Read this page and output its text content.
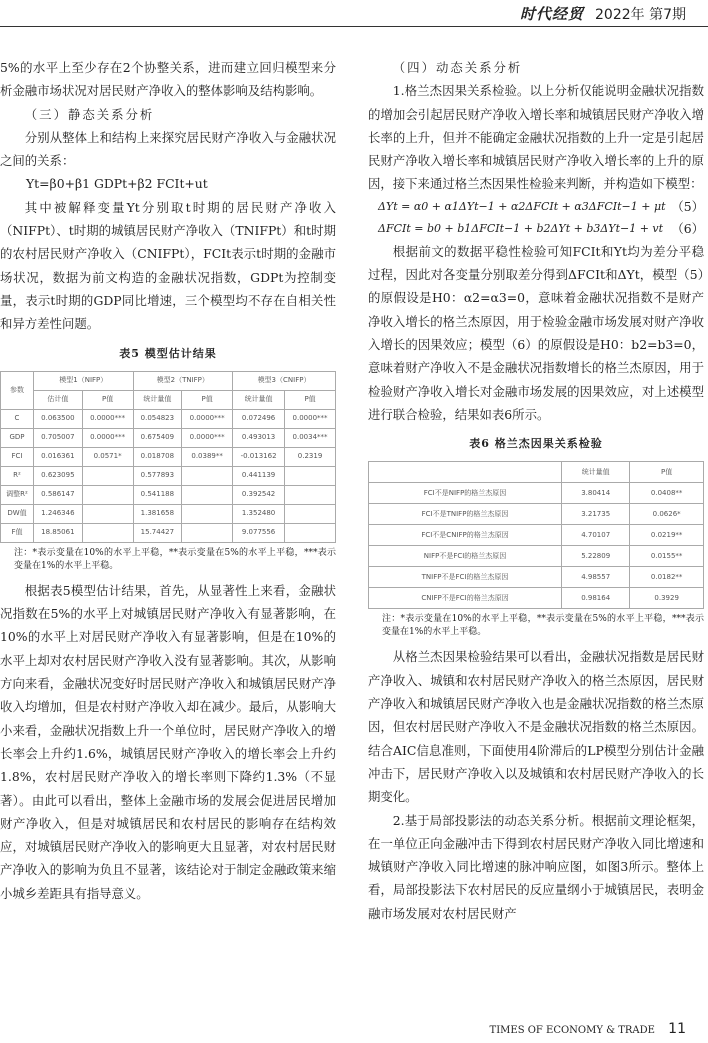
时代经贸 2022年 第7期

5%的水平上至少存在2个协整关系，进而建立回归模型来分析金融市场状况对居民财产净收入的整体影响及结构影响。

（三）静态关系分析

分别从整体上和结构上来探究居民财产净收入与金融状况之间的关系：

Yt=β0+β1 GDPt+β2 FCIt+ut

其中被解释变量Yt分别取t时期的居民财产净收入（NIFPt）、t时期的城镇居民财产净收入（TNIFPt）和t时期的农村居民财产净收入（CNIFPt），FCIt表示t时期的金融市场状况，数据为前文构造的金融状况指数，GDPt为控制变量，表示t时期的GDP同比增速，三个模型均不存在自相关性和异方差性问题。

表5 模型估计结果
参数	模型1（NIFP）		模型2（TNIFP）		模型3（CNIFP）	
	估计值	P值	统计量值	P值	统计量值	P值
C	0.063500	0.0000***	0.054823	0.0000***	0.072496	0.0000***
GDP	0.705007	0.0000***	0.675409	0.0000***	0.493013	0.0034***
FCI	0.016361	0.0571*	0.018708	0.0389**	-0.013162	0.2319
R²	0.623095		0.577893		0.441139	
调整R²	0.586147		0.541188		0.392542	
DW值	1.246346		1.381658		1.352480	
F值	18.85061		15.74427		9.077556	
注：*表示变量在10%的水平上平稳，**表示变量在5%的水平上平稳，***表示变量在1%的水平上平稳。

根据表5模型估计结果，首先，从显著性上来看，金融状况指数在5%的水平上对城镇居民财产净收入有显著影响，在10%的水平上对居民财产净收入有显著影响，但是在10%的水平上却对农村居民财产净收入没有显著影响。其次，从影响方向来看，金融状况变好时居民财产净收入和城镇居民财产净收入均增加，但是农村财产净收入却在减少。最后，从影响大小来看，金融状况指数上升一个单位时，居民财产净收入的增长率会上升约1.6%，城镇居民财产净收入的增长率会上升约1.8%，农村居民财产净收入的增长率则下降约1.3%（不显著）。由此可以看出，整体上金融市场的发展会促进居民增加财产净收入，但是对城镇居民和农村居民的影响存在结构效应，对城镇居民财产净收入的影响更大且显著，对农村居民财产净收入的影响为负且不显著，该结论对于制定金融政策来缩小城乡差距具有指导意义。

（四）动态关系分析

1.格兰杰因果关系检验。以上分析仅能说明金融状况指数的增加会引起居民财产净收入增长率和城镇居民财产净收入增长率的上升，但并不能确定金融状况指数的上升一定是引起居民财产净收入增长率和城镇居民财产净收入增长率的上升的原因，接下来通过格兰杰因果性检验来判断，并构造如下模型：

ΔYt = α0 + α1ΔYt−1 + α2ΔFCIt + α3ΔFCIt−1 + μt （5）
ΔFCIt = b0 + b1ΔFCIt−1 + b2ΔYt + b3ΔYt−1 + vt （6）

根据前文的数据平稳性检验可知FCIt和Yt均为差分平稳过程，因此对各变量分别取差分得到ΔFCIt和ΔYt，模型（5）的原假设是H0：α2=α3=0，意味着金融状况指数不是财产净收入增长的格兰杰原因，用于检验金融市场发展对财产净收入增长的因果效应；模型（6）的原假设是H0：b2=b3=0，意味着财产净收入不是金融状况指数增长的格兰杰原因，用于检验财产净收入增长对金融市场发展的因果效应，对上述模型进行联合检验，结果如表6所示。

表6 格兰杰因果关系检验
	统计量值	P值
FCI不是NIFP的格兰杰原因	3.80414	0.0408**
FCI不是TNIFP的格兰杰原因	3.21735	0.0626*
FCI不是CNIFP的格兰杰原因	4.70107	0.0219**
NIFP不是FCI的格兰杰原因	5.22809	0.0155**
TNIFP不是FCI的格兰杰原因	4.98557	0.0182**
CNIFP不是FCI的格兰杰原因	0.98164	0.3929
注：*表示变量在10%的水平上平稳，**表示变量在5%的水平上平稳，***表示变量在1%的水平上平稳。

从格兰杰因果检验结果可以看出，金融状况指数是居民财产净收入、城镇和农村居民财产净收入的格兰杰原因，居民财产净收入和城镇居民财产净收入也是金融状况指数的格兰杰原因，但农村居民财产净收入不是金融状况指数的格兰杰原因。结合AIC信息准则，下面使用4阶滞后的LP模型分别估计金融冲击下，居民财产净收入以及城镇和农村居民财产净收入的长期变化。

2.基于局部投影法的动态关系分析。根据前文理论框架，在一单位正向金融冲击下得到农村居民财产净收入同比增速和城镇财产净收入同比增速的脉冲响应图，如图3所示。整体上看，局部投影法下农村居民的反应量纲小于城镇居民，表明金融市场发展对农村居民财产

TIMES OF ECONOMY & TRADE 11
